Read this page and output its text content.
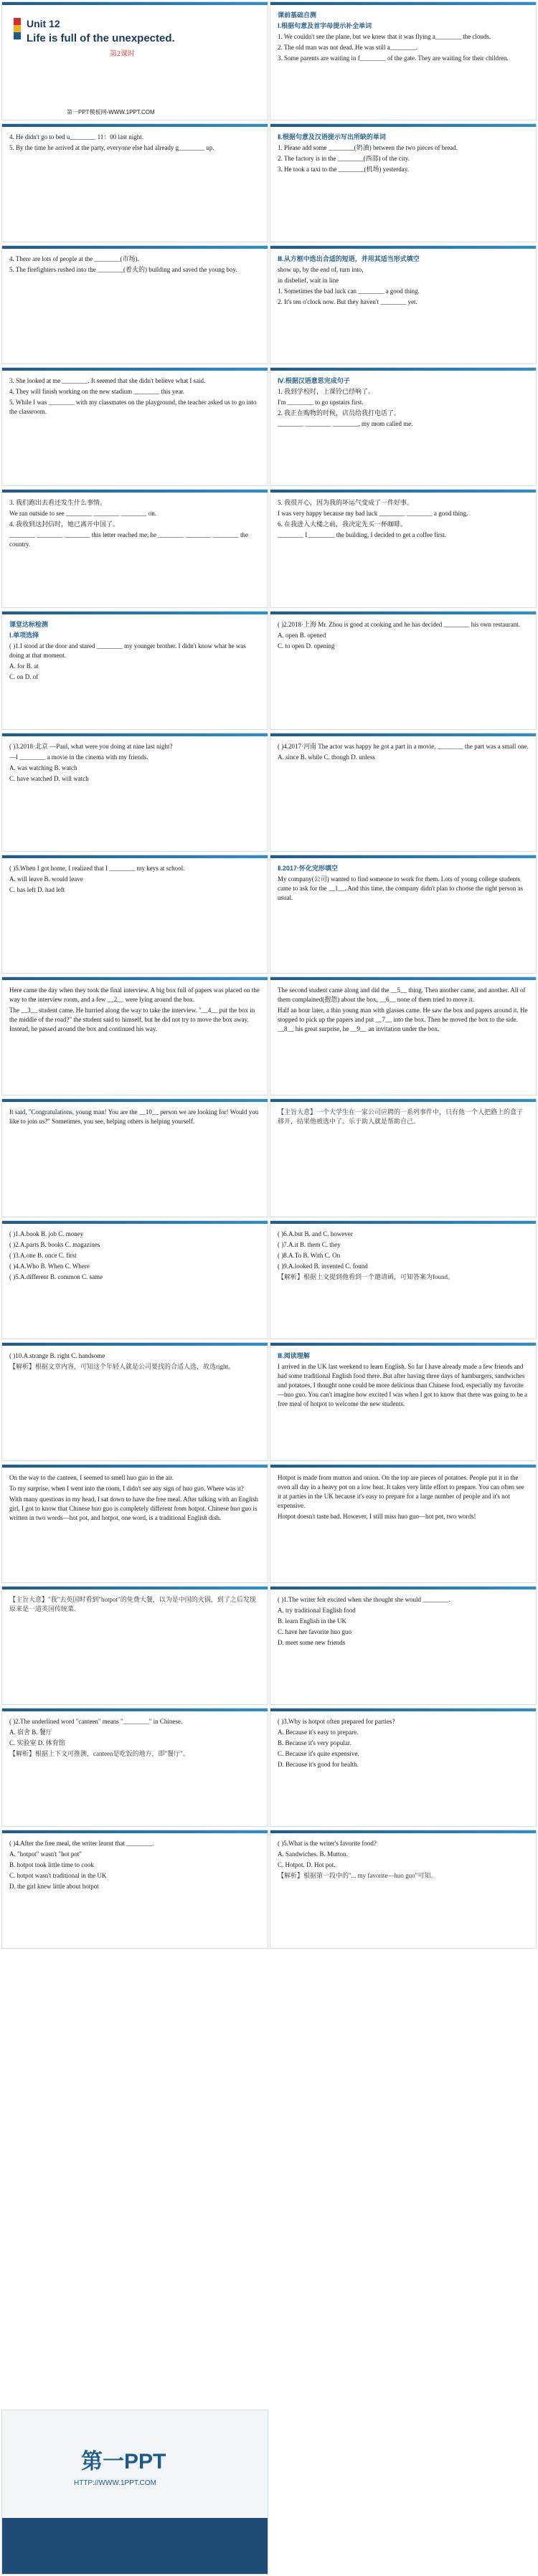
Unit 12
Life is full of the unexpected.
第2课时
第一PPT模板网-WWW.1PPT.COM

课前基础自测

Ⅰ.根据句意及首字母提示补全单词

1. We couldn't see the plane, but we knew that it was flying a________ the clouds.

2. The old man was not dead. He was still a________.

3. Some parents are waiting in f________ of the gate. They are waiting for their children.

4. He didn't go to bed u________ 11：00 last night.

5. By the time he arrived at the party, everyone else had already g________ up.

Ⅱ.根据句意及汉语提示写出所缺的单词

1. Please add some ________(奶油) between the two pieces of bread.

2. The factory is in the ________(西部) of the city.

3. He took a taxi to the ________(机场) yesterday.

4. There are lots of people at the ________(市场).

5. The firefighters rushed into the ________(着火的) building and saved the young boy.

Ⅲ.从方框中选出合适的短语，并用其适当形式填空

show up, by the end of, turn into,

in disbelief, wait in line

1. Sometimes the bad luck can ________ a good thing.

2. It's ten o'clock now. But they haven't ________ yet.

3. She looked at me ________. It seemed that she didn't believe what I said.

4. They will finish working on the new stadium ________ this year.

5. While I was ________ with my classmates on the playground, the teacher asked us to go into the classroom.

Ⅳ.根据汉语意思完成句子

1. 我到学校时，上课铃已经响了。

I'm ________ to go upstairs first.

2. 我正在购物的时候，店员给我打电话了。

________ ________ ________, my mom called me.

3. 我们跑出去看还发生什么事情。

We ran outside to see ________ ________ ________ on.

4. 我收到这封信时，她已离开中国了。

________ ________ ________ this letter reached me, he ________ ________ ________ the country.

5. 我很开心，因为我的坏运气变成了一件好事。

I was very happy because my bad luck ________ ________ a good thing.

6. 在我进入大楼之前，我决定先买一杯咖啡。

________ I ________ the building, I decided to get a coffee first.

课堂达标检测

Ⅰ.单项选择

( )1.I stood at the door and stared ________ my younger brother. I didn't know what he was doing at that moment.

A. for B. at

C. on D. of

( )2.2018·上海 Mr. Zhou is good at cooking and he has decided ________ his own restaurant.

A. open B. opened

C. to open D. opening

( )3.2018·北京 —Paul, what were you doing at nine last night?

—I ________ a movie in the cinema with my friends.

A. was watching B. watch

C. have watched D. will watch

( )4.2017·河南 The actor was happy he got a part in a movie, ________ the part was a small one.

A. since B. while C. though D. unless

( )5.When I got home, I realized that I ________ my keys at school.

A. will leave B. would leave

C. has left D. had left

Ⅱ.2017·怀化完形填空

My company(公司) wanted to find someone to work for them. Lots of young college students came to ask for the __1__. And this time, the company didn't plan to choose the right person as usual.

Here came the day when they took the final interview. A big box full of papers was placed on the way to the interview room, and a few __2__ were lying around the box.

The __3__ student came. He hurried along the way to take the interview. "__4__ put the box in the middle of the road?" the student said to himself, but he did not try to move the box away. Instead, he passed around the box and continued his way.

The second student came along and did the __5__ thing. Then another came, and another. All of them complained(抱怨) about the box, __6__ none of them tried to move it.

Half an hour later, a thin young man with glasses came. He saw the box and papers around it. He stopped to pick up the papers and put __7__ into the box. Then he moved the box to the side. __8__ his great surprise, he __9__ an invitation under the box.

It said, "Congratulations, young man! You are the __10__ person we are looking for! Would you like to join us?" Sometimes, you see, helping others is helping yourself.

【主旨大意】一个大学生在一家公司应聘的一系列事件中，只有他一个人把路上的盒子移开，结果他被选中了。乐于助人就是帮助自己。

( )1.A.book B. job C. money

( )2.A.parts B. books C. magazines

( )3.A.one B. once C. first

( )4.A.Who B. When C. Where

( )5.A.different B. common C. same

( )6.A.but B. and C. however

( )7.A.it B. them C. they

( )8.A.To B. With C. On

( )9.A.looked B. invented C. found

【解析】根据上文提到他看到一个邀请函，可知答案为found。

( )10.A.strange B. right C. handsome

【解析】根据文章内容，可知这个年轻人就是公司要找的合适人选，故选right。

Ⅲ.阅读理解

I arrived in the UK last weekend to learn English. So far I have already made a few friends and had some traditional English food there. But after having three days of hamburgers, sandwiches and potatoes, I thought none could be more delicious than Chinese food, especially my favorite—huo guo. You can't imagine how excited I was when I got to know that there was going to be a free meal of hotpot to welcome the new students.

On the way to the canteen, I seemed to smell huo guo in the air.

To my surprise, when I went into the room, I didn't see any sign of huo guo. Where was it?

With many questions in my head, I sat down to have the free meal. After talking with an English girl, I got to know that Chinese huo guo is completely different from hotpot. Chinese huo guo is written in two words—hot pot, and hotpot, one word, is a traditional English dish.

Hotpot is made from mutton and onion. On the top are pieces of potatoes. People put it in the oven all day in a heavy pot on a low heat. It takes very little effort to prepare. You can often see it at parties in the UK because it's easy to prepare for a large number of people and it's not expensive.

Hotpot doesn't taste bad. However, I still miss huo guo—hot pot, two words!

【主旨大意】"我"去英国时看到"hotpot"的免费大餐，以为是中国的火锅，到了之后发现原来是一道英国传统菜。

( )1.The writer felt excited when she thought she would ________.

A. try traditional English food

B. learn English in the UK

C. have her favorite huo guo

D. meet some new friends

( )2.The underlined word "canteen" means "________" in Chinese.

A. 宿舍 B. 餐厅

C. 实验室 D. 体育馆

【解析】根据上下文可推测，canteen是吃饭的地方，即"餐厅"。

( )3.Why is hotpot often prepared for parties?

A. Because it's easy to prepare.

B. Because it's very popular.

C. Because it's quite expensive.

D. Because it's good for health.

( )4.After the free meal, the writer learnt that ________.

A. "hotpot" wasn't "hot pot"

B. hotpot took little time to cook

C. hotpot wasn't traditional in the UK

D. the girl knew little about hotpot

( )5.What is the writer's favorite food?

A. Sandwiches. B. Mutton.

C. Hotpot. D. Hot pot.

【解析】根据第一段中的"... my favorite—huo guo"可知。

第一PPT
HTTP://WWW.1PPT.COM
